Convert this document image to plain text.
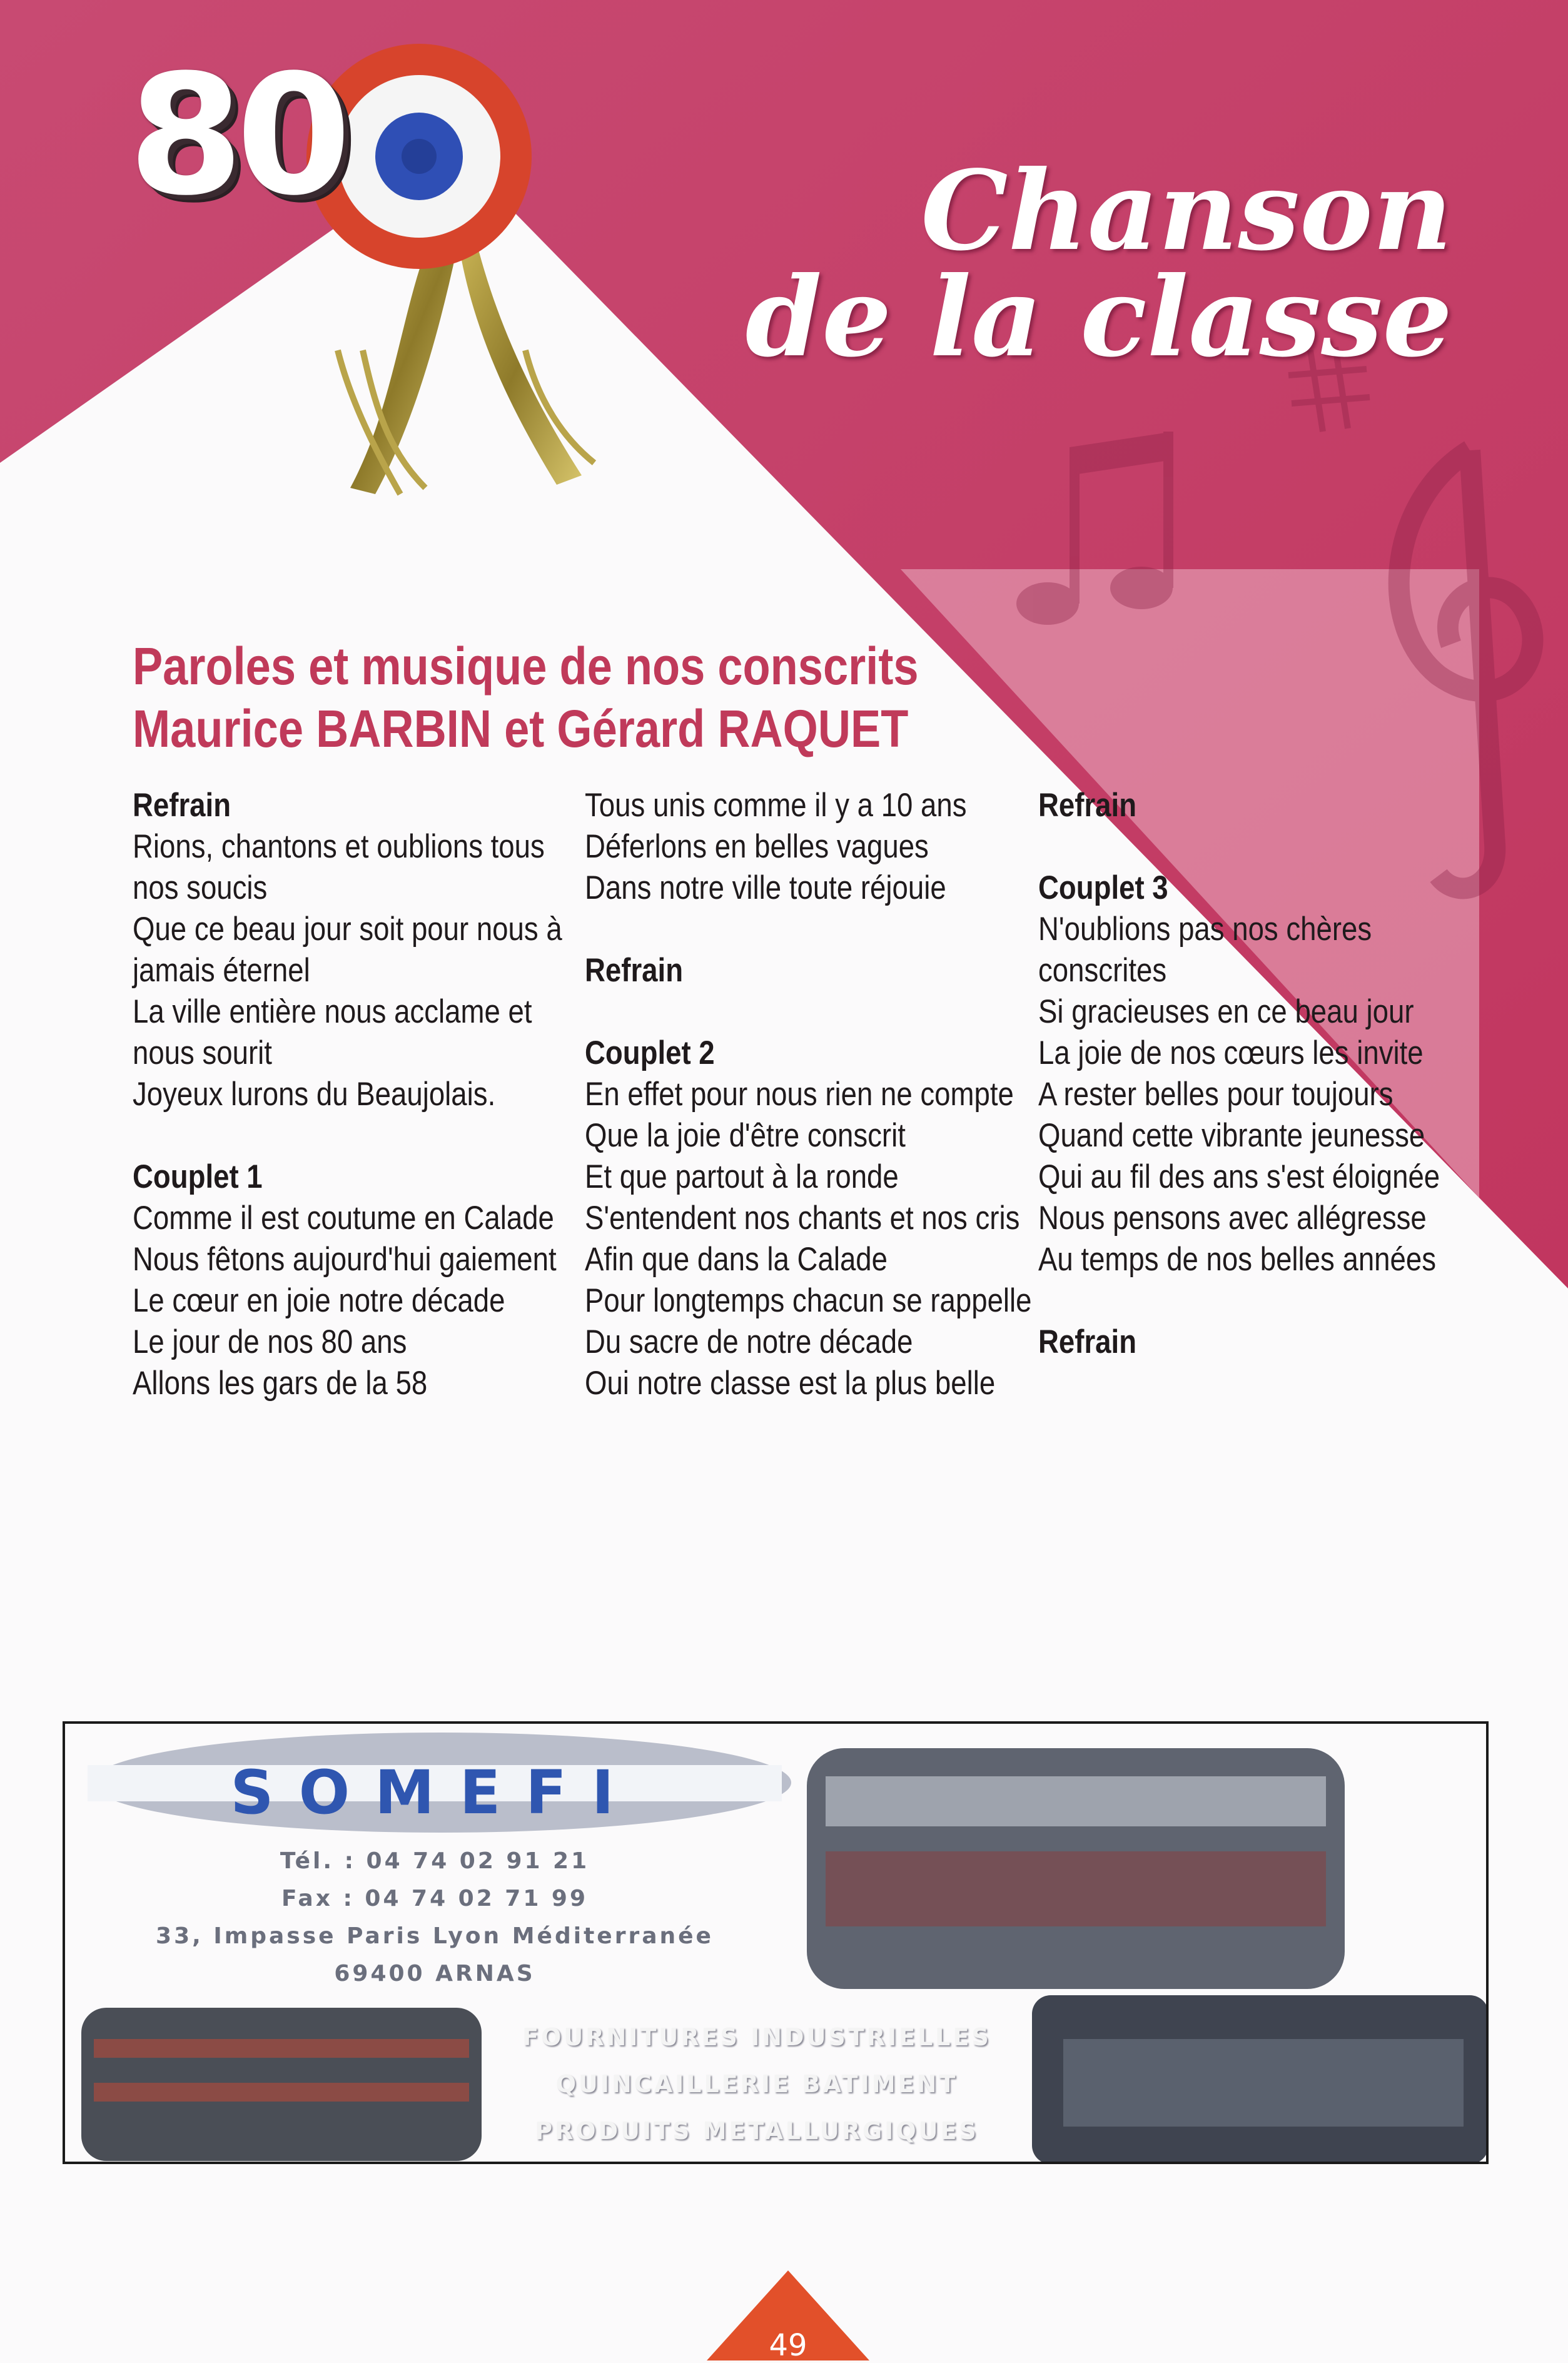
80	Chanson
de la classe
Paroles et musique de nos conscrits
Maurice BARBIN et Gérard RAQUET
Refrain
Rions, chantons et oublions tous
nos soucis
Que ce beau jour soit pour nous à
jamais éternel
La ville entière nous acclame et
nous sourit
Joyeux lurons du Beaujolais.
Couplet 1
Comme il est coutume en Calade
Nous fêtons aujourd'hui gaiement
Le cœur en joie notre décade
Le jour de nos 80 ans
Allons les gars de la 58
Tous unis comme il y a 10 ans
Déferlons en belles vagues
Dans notre ville toute réjouie
Refrain
Couplet 2
En effet pour nous rien ne compte
Que la joie d'être conscrit
Et que partout à la ronde
S'entendent nos chants et nos cris
Afin que dans la Calade
Pour longtemps chacun se rappelle
Du sacre de notre décade
Oui notre classe est la plus belle
Refrain
Couplet 3
N'oublions pas nos chères
conscrites
Si gracieuses en ce beau jour
La joie de nos cœurs les invite
A rester belles pour toujours
Quand cette vibrante jeunesse
Qui au fil des ans s'est éloignée
Nous pensons avec allégresse
Au temps de nos belles années
Refrain
SOMEFI
Tél. : 04 74 02 91 21
Fax : 04 74 02 71 99
33, Impasse Paris Lyon Méditerranée
69400 ARNAS
FOURNITURES INDUSTRIELLES
QUINCAILLERIE BATIMENT
PRODUITS METALLURGIQUES
49
